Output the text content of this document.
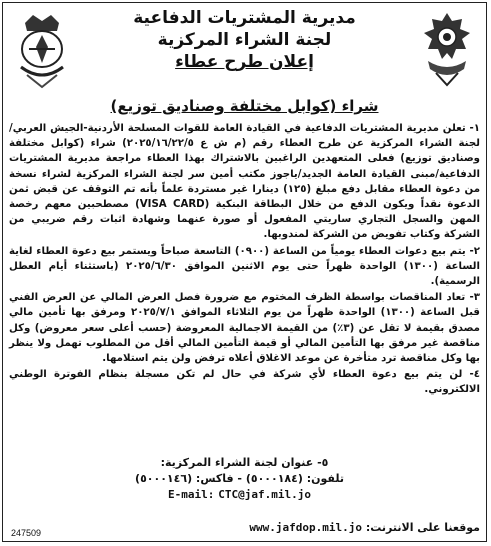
مديرية المشتريات الدفاعية
لجنة الشراء المركزية
إعلان طرح عطاء
شراء (كوابل مختلفة وصناديق توزيع)

١- تعلن مديرية المشتريات الدفاعية في القيادة العامة للقوات المسلحة الأردنية-الجيش العربي/لجنة الشراء المركزية عن طرح العطاء رقم (م ش ع ٢٠٢٥/١٦/٢٢/٥) شراء (كوابل مختلفة وصناديق توزيع) فعلى المتعهدين الراغبين بالاشتراك بهذا العطاء مراجعة مديرية المشتريات الدفاعية/مبنى القيادة العامة الجديد/ياجوز مكتب أمين سر لجنة الشراء المركزية لشراء نسخة من دعوة العطاء مقابل دفع مبلغ (١٢٥) دينارا غير مستردة علماً بأنه تم التوقف عن قبض ثمن الدعوة نقداً ويكون الدفع من خلال البطاقة البنكية (VISA CARD) مصطحبين معهم رخصة المهن والسجل التجاري ساريتي المفعول أو صورة عنهما وشهادة اثبات رقم ضريبي من الشركة وكتاب تفويض من الشركة لمندوبها.

٢- يتم بيع دعوات العطاء يومياً من الساعة (٠٩٠٠) التاسعة صباحاً ويستمر بيع دعوة العطاء لغاية الساعة (١٣٠٠) الواحدة ظهراً حتى يوم الاثنين الموافق ٢٠٢٥/٦/٣٠ (باستثناء أيام العطل الرسمية).

٣- تعاد المناقصات بواسطة الظرف المختوم مع ضرورة فصل العرض المالي عن العرض الفني قبل الساعة (١٣٠٠) الواحدة ظهراً من يوم الثلاثاء الموافق ٢٠٢٥/٧/١ ومرفق بها تأمين مالي مصدق بقيمة لا تقل عن (٣٪) من القيمة الاجمالية المعروضة (حسب أعلى سعر معروض) وكل مناقصة غير مرفق بها التأمين المالي أو قيمة التأمين المالي أقل من المطلوب تهمل ولا ينظر بها وكل مناقصة ترد متأخرة عن موعد الاغلاق أعلاه ترفض ولن يتم استلامها.

٤- لن يتم بيع دعوة العطاء لأي شركة في حال لم تكن مسجلة بنظام الفوترة الوطني الالكتروني.

٥- عنوان لجنة الشراء المركزية:
تلفون: (٥٠٠٠١٨٤) - فاكس: (٥٠٠٠١٤٦)
E-mail: CTC@jaf.mil.jo
موقعنا على الانترنت: www.jafdop.mil.jo
247509
